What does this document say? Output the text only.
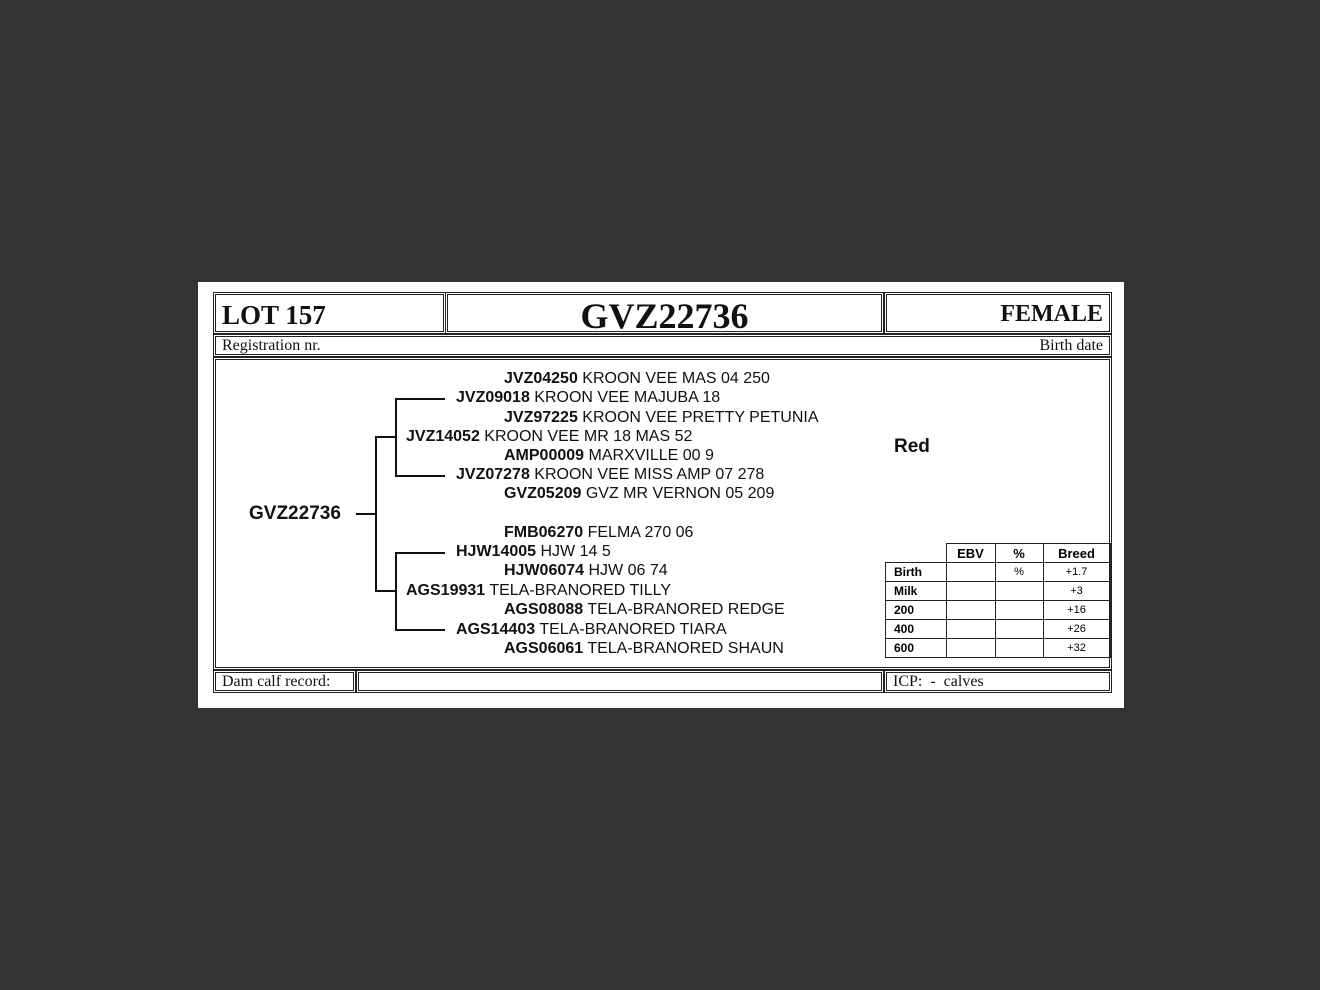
LOT 157	GVZ22736	FEMALE
Registration nr.	Birth date
GVZ22736
JVZ04250 KROON VEE MAS 04 250
JVZ09018 KROON VEE MAJUBA 18
JVZ97225 KROON VEE PRETTY PETUNIA
JVZ14052 KROON VEE MR 18 MAS 52
AMP00009 MARXVILLE 00 9
JVZ07278 KROON VEE MISS AMP 07 278
GVZ05209 GVZ MR VERNON 05 209
FMB06270 FELMA 270 06
HJW14005 HJW 14 5
HJW06074 HJW 06 74
AGS19931 TELA-BRANORED TILLY
AGS08088 TELA-BRANORED REDGE
AGS14403 TELA-BRANORED TIARA
AGS06061 TELA-BRANORED SHAUN
Red
	EBV	%	Breed
Birth		%	+1.7
Milk			+3
200			+16
400			+26
600			+32
Dam calf record:	ICP:  -  calves
